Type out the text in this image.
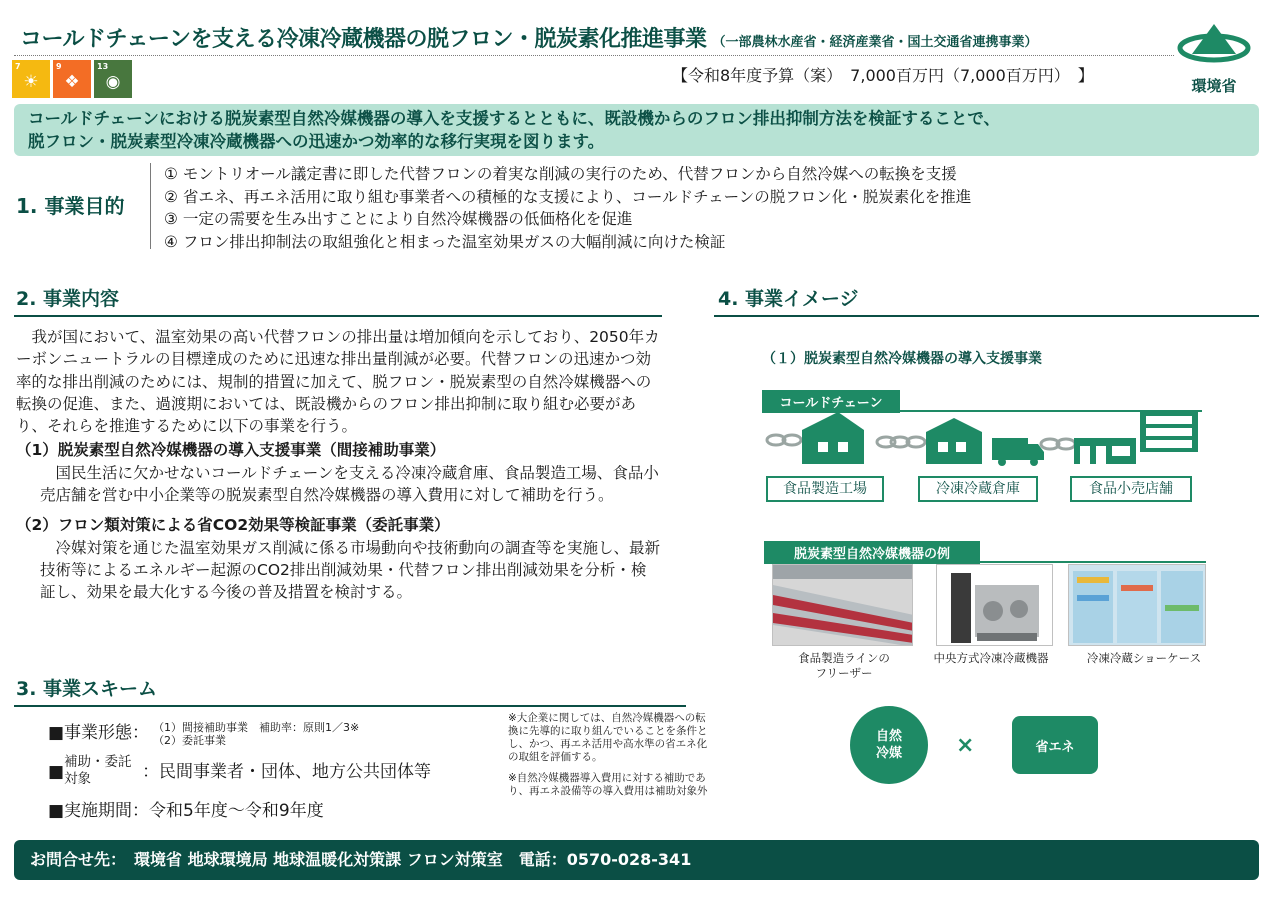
コールドチェーンを支える冷凍冷蔵機器の脱フロン・脱炭素化推進事業 （一部農林水産省・経済産業省・国土交通省連携事業）
7
☀
9
❖
13
◉	【令和8年度予算（案）　7,000百万円（7,000百万円）　】
環境省
コールドチェーンにおける脱炭素型自然冷媒機器の導入を支援するとともに、既設機からのフロン排出抑制方法を検証することで、
脱フロン・脱炭素型冷凍冷蔵機器への迅速かつ効率的な移行実現を図ります。
1. 事業目的
① モントリオール議定書に即した代替フロンの着実な削減の実行のため、代替フロンから自然冷媒への転換を支援
② 省エネ、再エネ活用に取り組む事業者への積極的な支援により、コールドチェーンの脱フロン化・脱炭素化を推進
③ 一定の需要を生み出すことにより自然冷媒機器の低価格化を促進
④ フロン排出抑制法の取組強化と相まった温室効果ガスの大幅削減に向けた検証
2. 事業内容

我が国において、温室効果の高い代替フロンの排出量は増加傾向を示しており、2050年カーボンニュートラルの目標達成のために迅速な排出量削減が必要。代替フロンの迅速かつ効率的な排出削減のためには、規制的措置に加えて、脱フロン・脱炭素型の自然冷媒機器への転換の促進、また、過渡期においては、既設機からのフロン排出抑制に取り組む必要があり、それらを推進するために以下の事業を行う。

（1）脱炭素型自然冷媒機器の導入支援事業（間接補助事業）

国民生活に欠かせないコールドチェーンを支える冷凍冷蔵倉庫、食品製造工場、食品小売店舗を営む中小企業等の脱炭素型自然冷媒機器の導入費用に対して補助を行う。

（2）フロン類対策による省CO2効果等検証事業（委託事業）

冷媒対策を通じた温室効果ガス削減に係る市場動向や技術動向の調査等を実施し、最新技術等によるエネルギー起源のCO2排出削減効果・代替フロン排出削減効果を分析・検証し、効果を最大化する今後の普及措置を検討する。

3. 事業スキーム
■事業形態： （1）間接補助事業　補助率：原則1／3※
（2）委託事業
■ 補助・委託
対象	：民間事業者・団体、地方公共団体等
■実施期間：令和5年度～令和9年度

※大企業に関しては、自然冷媒機器への転換に先導的に取り組んでいることを条件とし、かつ、再エネ活用や高水準の省エネ化の取組を評価する。

※自然冷媒機器導入費用に対する補助であり、再エネ設備等の導入費用は補助対象外

4. 事業イメージ
（１）脱炭素型自然冷媒機器の導入支援事業
コールドチェーン
食品製造工場	冷凍冷蔵倉庫	食品小売店舗
脱炭素型自然冷媒機器の例
食品製造ラインの
フリーザー
中央方式冷凍冷蔵機器	冷凍冷蔵ショーケース
自然
冷媒 ×	省エネ
お問合せ先：　環境省 地球環境局 地球温暖化対策課 フロン対策室　電話：0570-028-341
